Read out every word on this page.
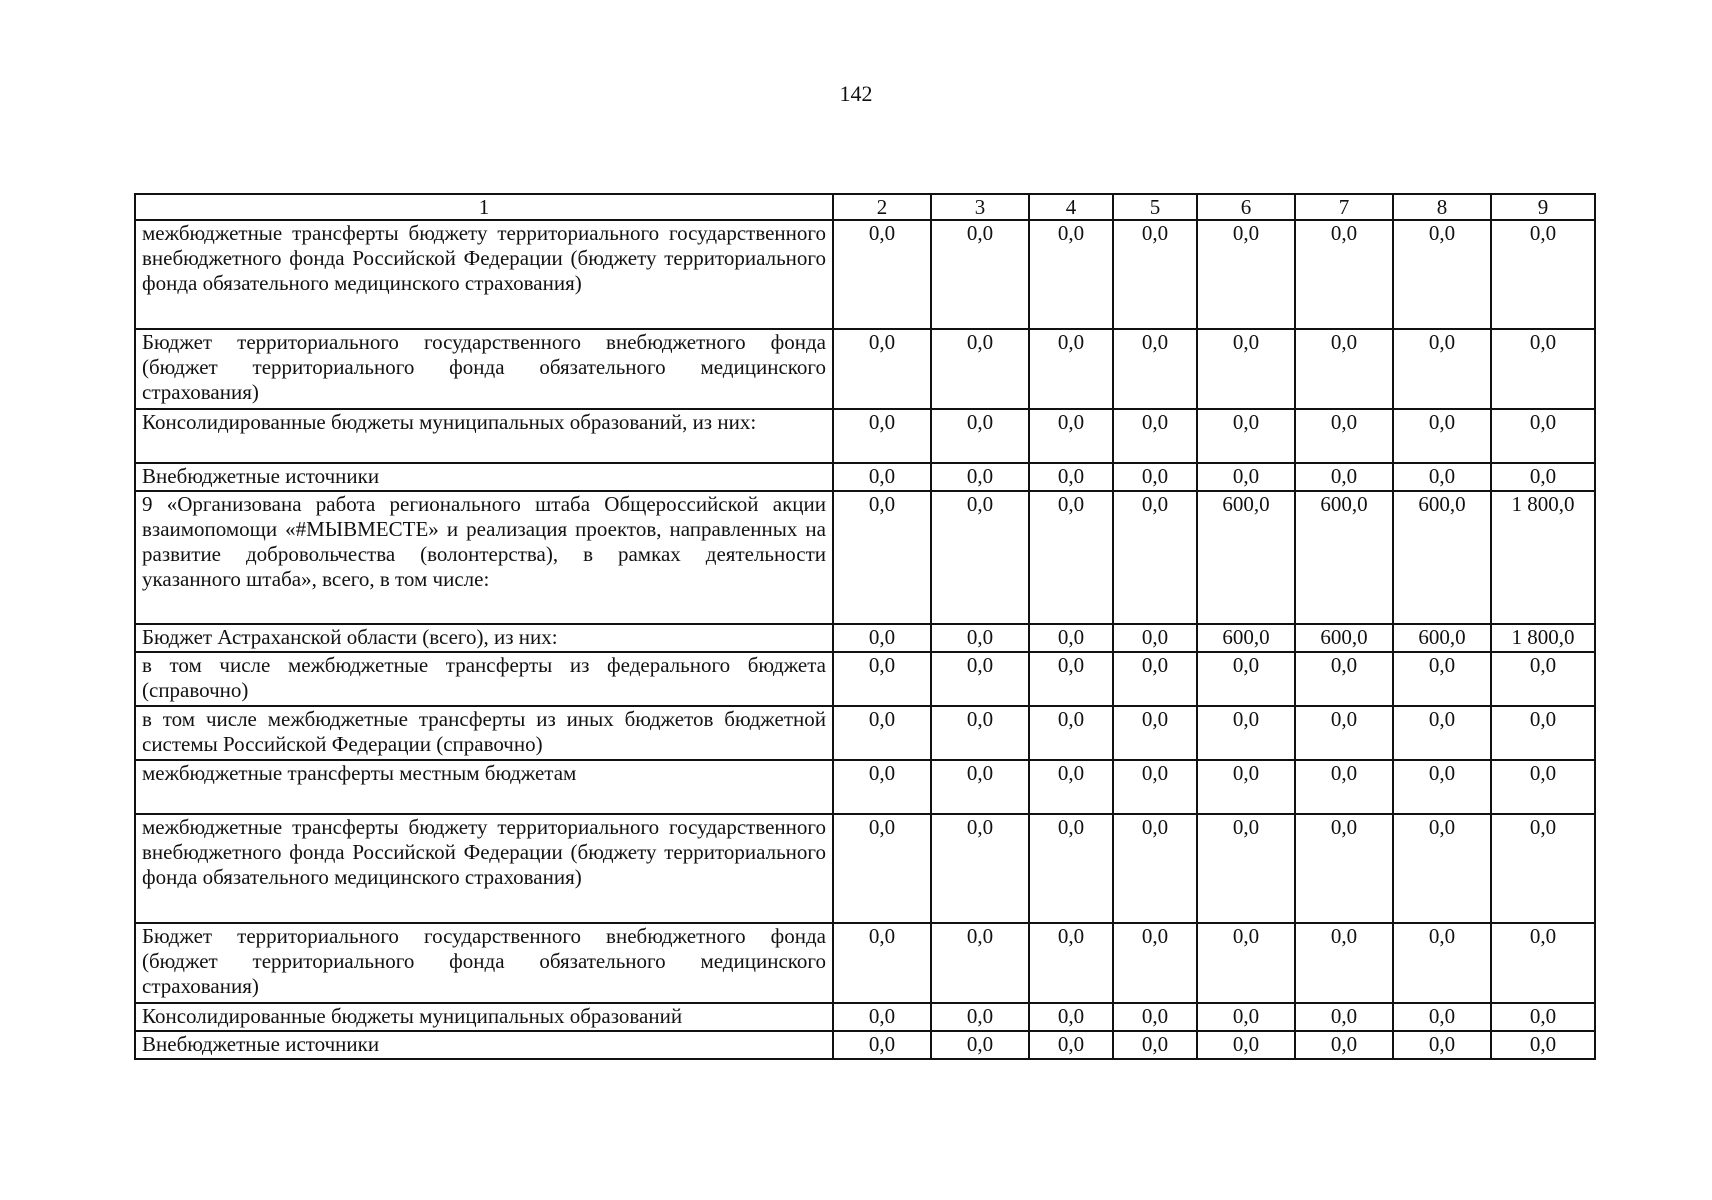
142
1	2	3	4	5	6	7	8	9
межбюджетные трансферты бюджету территориального государственного внебюджетного фонда Российской Федерации (бюджету территориального фонда обязательного медицинского страхования)	0,0	0,0	0,0	0,0	0,0	0,0	0,0	0,0
Бюджет территориального государственного внебюджетного фонда (бюджет территориального фонда обязательного медицинского страхования)	0,0	0,0	0,0	0,0	0,0	0,0	0,0	0,0
Консолидированные бюджеты муниципальных образований, из них:	0,0	0,0	0,0	0,0	0,0	0,0	0,0	0,0
Внебюджетные источники	0,0	0,0	0,0	0,0	0,0	0,0	0,0	0,0
9 «Организована работа регионального штаба Общероссийской акции взаимопомощи «#МЫВМЕСТЕ» и реализация проектов, направленных на развитие добровольчества (волонтерства), в рамках деятельности указанного штаба», всего, в том числе:	0,0	0,0	0,0	0,0	600,0	600,0	600,0	1 800,0
Бюджет Астраханской области (всего), из них:	0,0	0,0	0,0	0,0	600,0	600,0	600,0	1 800,0
в том числе межбюджетные трансферты из федерального бюджета (справочно)	0,0	0,0	0,0	0,0	0,0	0,0	0,0	0,0
в том числе межбюджетные трансферты из иных бюджетов бюджетной системы Российской Федерации (справочно)	0,0	0,0	0,0	0,0	0,0	0,0	0,0	0,0
межбюджетные трансферты местным бюджетам	0,0	0,0	0,0	0,0	0,0	0,0	0,0	0,0
межбюджетные трансферты бюджету территориального государственного внебюджетного фонда Российской Федерации (бюджету территориального фонда обязательного медицинского страхования)	0,0	0,0	0,0	0,0	0,0	0,0	0,0	0,0
Бюджет территориального государственного внебюджетного фонда (бюджет территориального фонда обязательного медицинского страхования)	0,0	0,0	0,0	0,0	0,0	0,0	0,0	0,0
Консолидированные бюджеты муниципальных образований	0,0	0,0	0,0	0,0	0,0	0,0	0,0	0,0
Внебюджетные источники	0,0	0,0	0,0	0,0	0,0	0,0	0,0	0,0
